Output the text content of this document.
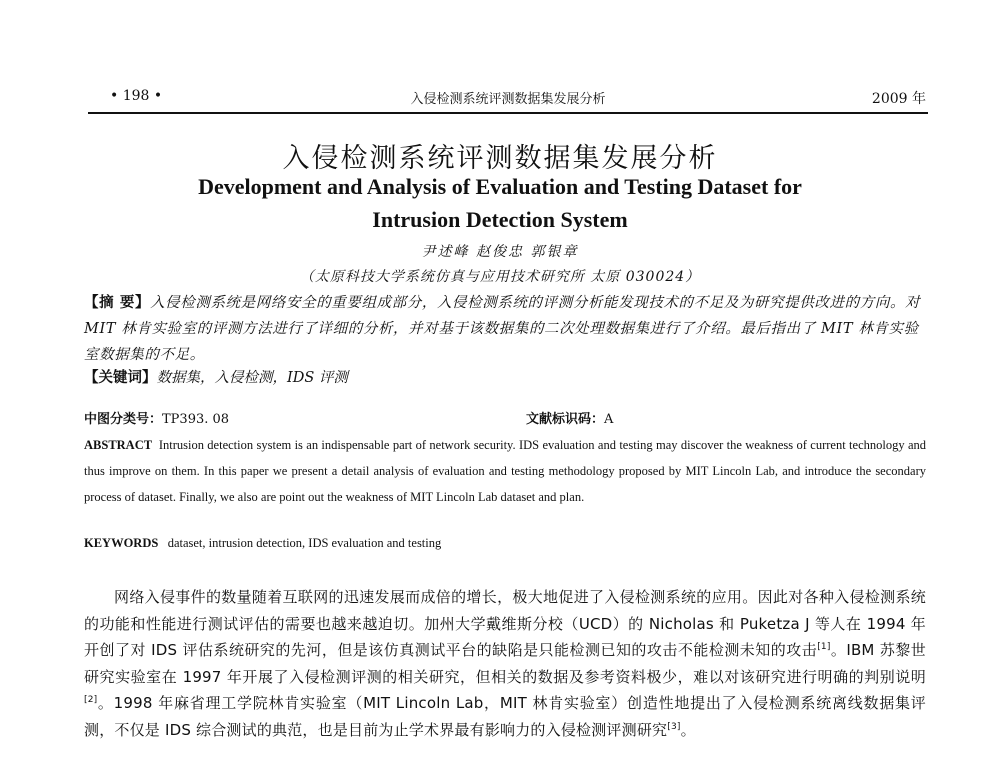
• 198 •	入侵检测系统评测数据集发展分析	2009 年
入侵检测系统评测数据集发展分析
Development and Analysis of Evaluation and Testing Dataset for
Intrusion Detection System
尹述峰 赵俊忠 郭银章
（太原科技大学系统仿真与应用技术研究所 太原 030024）
【摘 要】入侵检测系统是网络安全的重要组成部分，入侵检测系统的评测分析能发现技术的不足及为研究提供改进的方向。对 MIT 林肯实验室的评测方法进行了详细的分析，并对基于该数据集的二次处理数据集进行了介绍。最后指出了 MIT 林肯实验室数据集的不足。
【关键词】数据集，入侵检测，IDS 评测
中图分类号：TP393. 08	文献标识码：A
ABSTRACT Intrusion detection system is an indispensable part of network security. IDS evaluation and testing may discover the weakness of current technology and thus improve on them. In this paper we present a detail analysis of evaluation and testing methodology proposed by MIT Lincoln Lab, and introduce the secondary process of dataset. Finally, we also are point out the weakness of MIT Lincoln Lab dataset and plan.
KEYWORDS dataset, intrusion detection, IDS evaluation and testing
网络入侵事件的数量随着互联网的迅速发展而成倍的增长，极大地促进了入侵检测系统的应用。因此对各种入侵检测系统的功能和性能进行测试评估的需要也越来越迫切。加州大学戴维斯分校（UCD）的 Nicholas 和 Puketza J 等人在 1994 年开创了对 IDS 评估系统研究的先河，但是该仿真测试平台的缺陷是只能检测已知的攻击不能检测未知的攻击[1]。IBM 苏黎世研究实验室在 1997 年开展了入侵检测评测的相关研究，但相关的数据及参考资料极少，难以对该研究进行明确的判别说明[2]。1998 年麻省理工学院林肯实验室（MIT Lincoln Lab，MIT 林肯实验室）创造性地提出了入侵检测系统离线数据集评测，不仅是 IDS 综合测试的典范，也是目前为止学术界最有影响力的入侵检测评测研究[3]。
